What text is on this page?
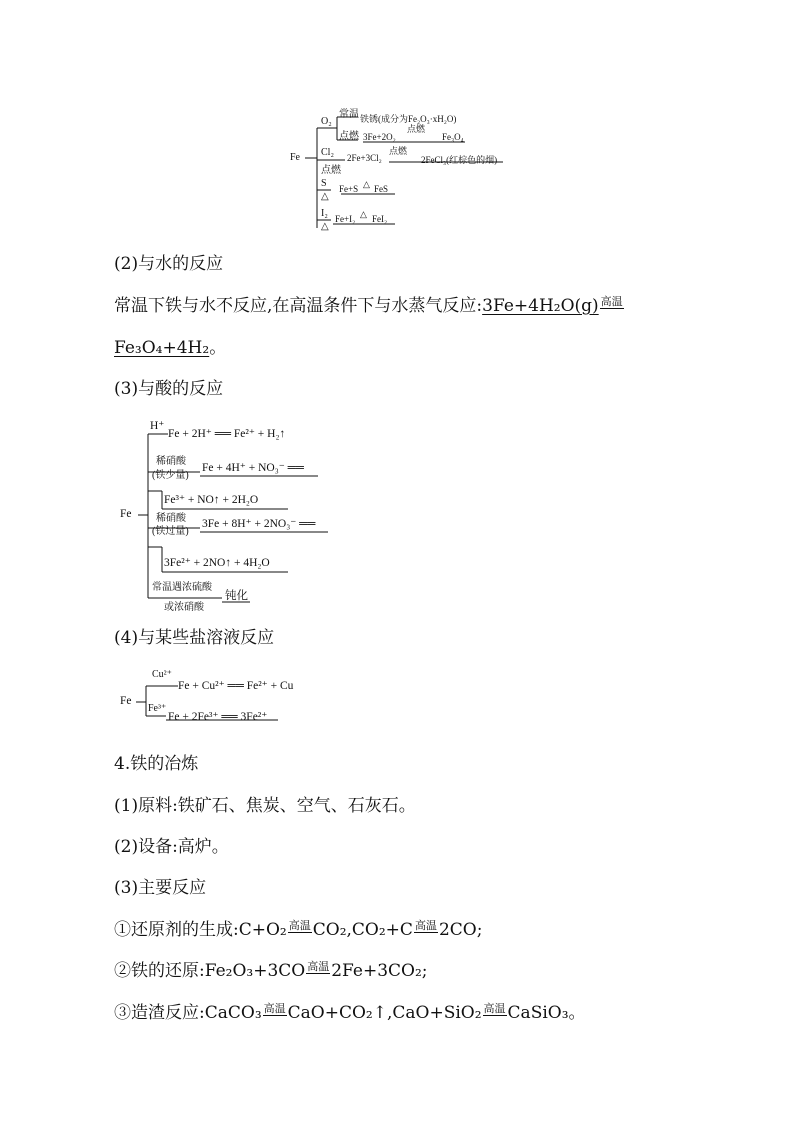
Fe
O₂
常温 铁锈(成分为Fe₂O₃·xH₂O)
点燃 3Fe+2O₂
点燃
Fe₃O₄
Cl₂
点燃
2Fe+3Cl₂
点燃
2FeCl₃(红棕色的烟)
S
△
Fe+S △ FeS
I₂
△
Fe+I₂ △ FeI₂
(2)与水的反应
常温下铁与水不反应,在高温条件下与水蒸气反应:3Fe+4H₂O(g) 高温
Fe₃O₄+4H₂。
(3)与酸的反应
Fe
H⁺
Fe + 2H⁺ ══ Fe²⁺ + H₂↑
稀硝酸
(铁少量)
Fe + 4H⁺ + NO₃⁻ ══
Fe³⁺ + NO↑ + 2H₂O
稀硝酸
(铁过量)
3Fe + 8H⁺ + 2NO₃⁻ ══
3Fe²⁺ + 2NO↑ + 4H₂O
常温遇浓硫酸
或浓硝酸
钝化
(4)与某些盐溶液反应
Fe
Cu²⁺
Fe + Cu²⁺ ══ Fe²⁺ + Cu
Fe³⁺
Fe + 2Fe³⁺ ══ 3Fe²⁺
4.铁的冶炼
(1)原料:铁矿石、焦炭、空气、石灰石。
(2)设备:高炉。
(3)主要反应
①还原剂的生成:C+O₂ 高温 CO₂,CO₂+C 高温 2CO;
②铁的还原:Fe₂O₃+3CO 高温 2Fe+3CO₂;
③造渣反应:CaCO₃ 高温 CaO+CO₂↑,CaO+SiO₂ 高温 CaSiO₃。
